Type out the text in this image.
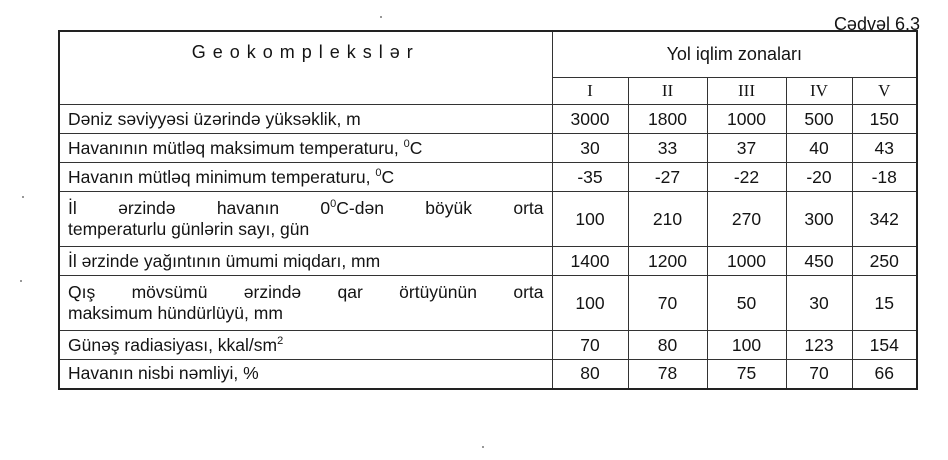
Cədvəl 6.3
Geokomplekslər	Yol iqlim zonaları				
	I	II	III	IV	V
Dəniz səviyyəsi üzərində yüksəklik, m	3000	1800	1000	500	150
Havanının mütləq maksimum temperaturu, $^0$C	30	33	37	40	43
Havanın mütləq minimum temperaturu, $^0$C	-35	-27	-22	-20	-18

İl ərzində havanın $0^0C$-dən böyük orta
temperaturlu günlərin sayı, gün	100	210	270	300	342
İl ərzinde yağıntının ümumi miqdarı, mm	1400	1200	1000	450	250

Qış mövsümü ərzində qar örtüyünün orta
maksimum hündürlüyü, mm	100	70	50	30	15
Günəş radiasiyası, kkal/$sm^2$	70	80	100	123	154
Havanın nisbi nəmliyi, %	80	78	75	70	66
